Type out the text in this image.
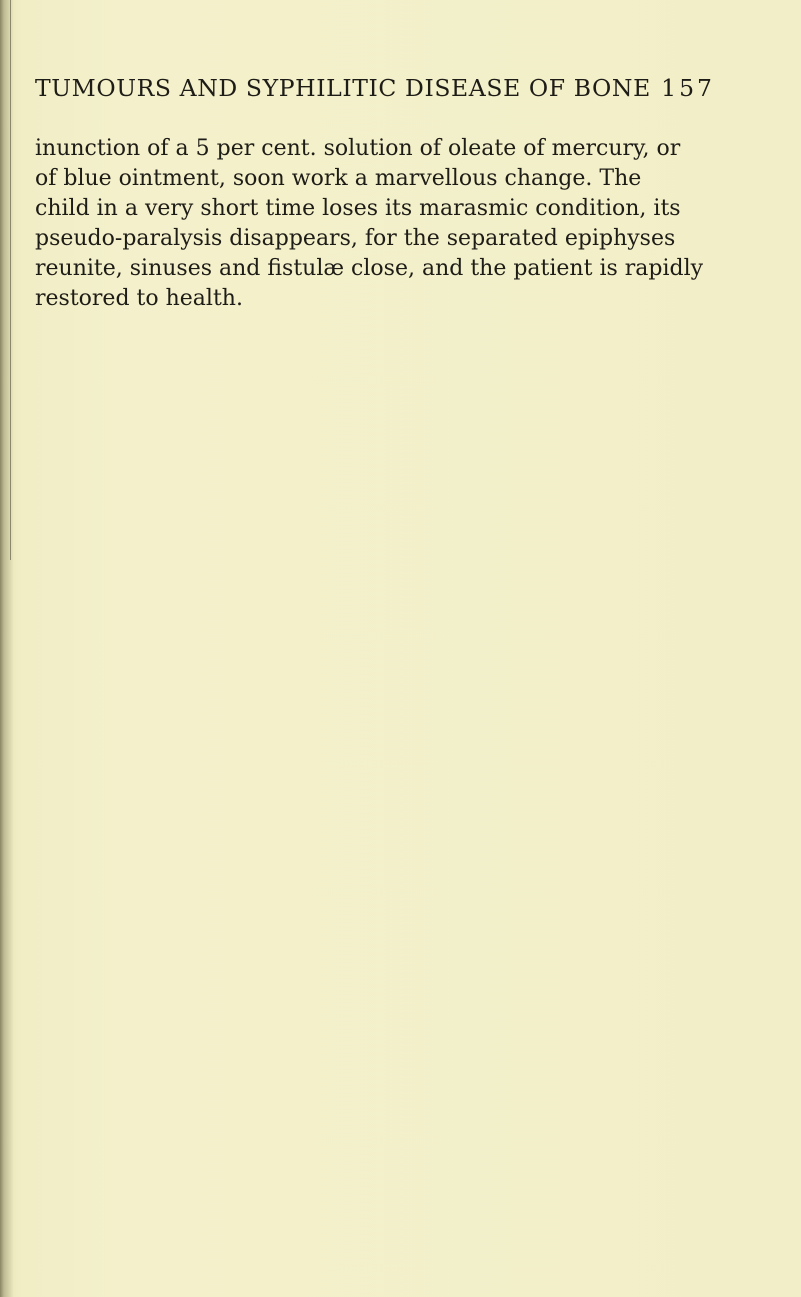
TUMOURS AND SYPHILITIC DISEASE OF BONE 157
inunction of a 5 per cent. solution of oleate of mercury, or
of blue ointment, soon work a marvellous change. The
child in a very short time loses its marasmic condition, its
pseudo-paralysis disappears, for the separated epiphyses
reunite, sinuses and fistulæ close, and the patient is rapidly
restored to health.
